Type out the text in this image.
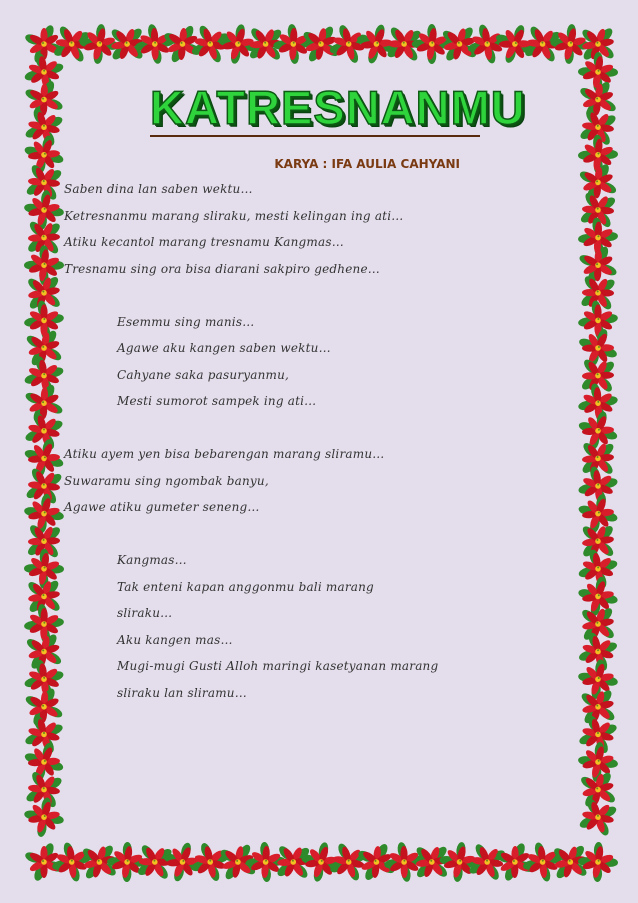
KATRESNANMU
KARYA : IFA AULIA CAHYANI
Saben dina lan saben wektu…
Ketresnanmu marang sliraku, mesti kelingan ing ati…
Atiku kecantol marang tresnamu Kangmas…
Tresnamu sing ora bisa diarani sakpiro gedhene…
Esemmu sing manis…
Agawe aku kangen saben wektu…
Cahyane saka pasuryanmu,
Mesti sumorot sampek ing ati…
Atiku ayem yen bisa bebarengan marang sliramu…
Suwaramu sing ngombak banyu,
Agawe atiku gumeter seneng…
Kangmas…
Tak enteni kapan anggonmu bali marang
sliraku…
Aku kangen mas…
Mugi-mugi Gusti Alloh maringi kasetyanan marang
sliraku lan sliramu…
